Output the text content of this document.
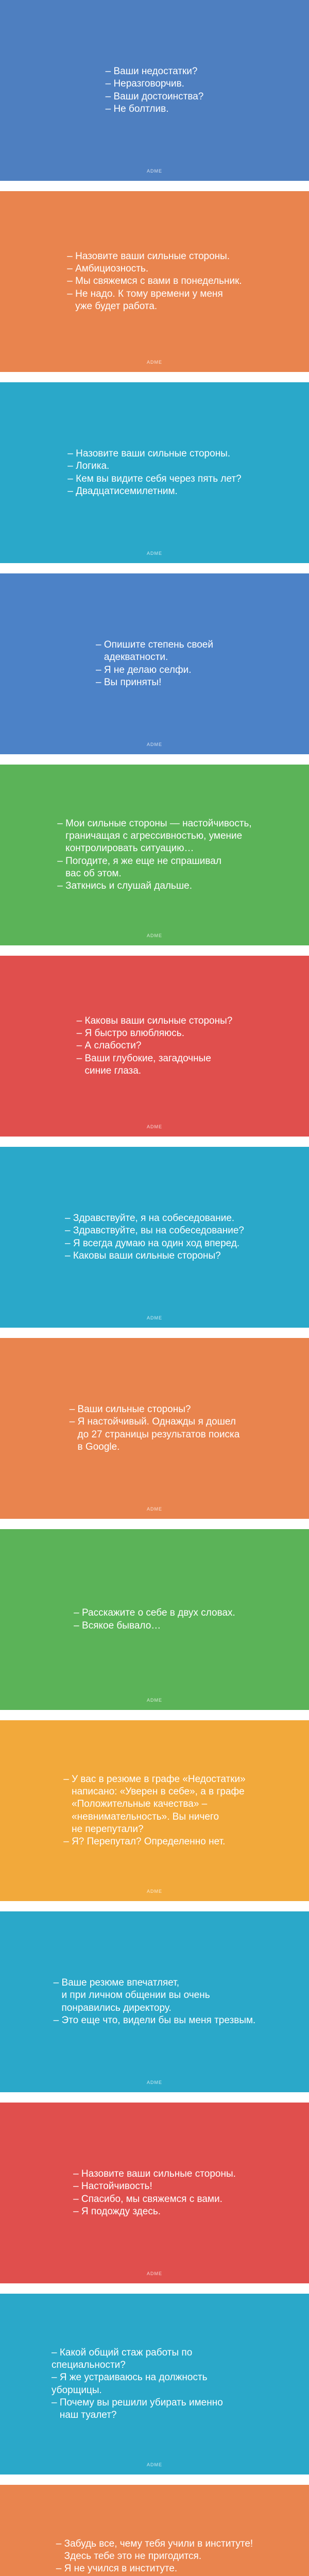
– Ваши недостатки?
– Неразговорчив.
– Ваши достоинства?
– Не болтлив.
ADME
– Назовите ваши сильные стороны.
– Амбициозность.
– Мы свяжемся с вами в понедельник.
– Не надо. К тому времени у меня
уже будет работа.
ADME
– Назовите ваши сильные стороны.
– Логика.
– Кем вы видите себя через пять лет?
– Двадцатисемилетним.
ADME
– Опишите степень своей
адекватности.
– Я не делаю селфи.
– Вы приняты!
ADME
– Мои сильные стороны — настойчивость,
граничащая с агрессивностью, умение
контролировать ситуацию…
– Погодите, я же еще не спрашивал
вас об этом.
– Заткнись и слушай дальше.
ADME
– Каковы ваши сильные стороны?
– Я быстро влюбляюсь.
– А слабости?
– Ваши глубокие, загадочные
синие глаза.
ADME
– Здравствуйте, я на собеседование.
– Здравствуйте, вы на собеседование?
– Я всегда думаю на один ход вперед.
– Каковы ваши сильные стороны?
ADME
– Ваши сильные стороны?
– Я настойчивый. Однажды я дошел
до 27 страницы результатов поиска
в Google.
ADME
– Расскажите о себе в двух словах.
– Всякое бывало…
ADME
– У вас в резюме в графе «Недостатки»
написано: «Уверен в себе», а в графе
«Положительные качества» –
«невнимательность». Вы ничего
не перепутали?
– Я? Перепутал? Определенно нет.
ADME
– Ваше резюме впечатляет,
и при личном общении вы очень
понравились директору.
– Это еще что, видели бы вы меня трезвым.
ADME
– Назовите ваши сильные стороны.
– Настойчивость!
– Спасибо, мы свяжемся с вами.
– Я подожду здесь.
ADME
– Какой общий стаж работы по специальности?
– Я же устраиваюсь на должность уборщицы.
– Почему вы решили убирать именно
наш туалет?
ADME
– Забудь все, чему тебя учили в институте!
Здесь тебе это не пригодится.
– Я не учился в институте.
